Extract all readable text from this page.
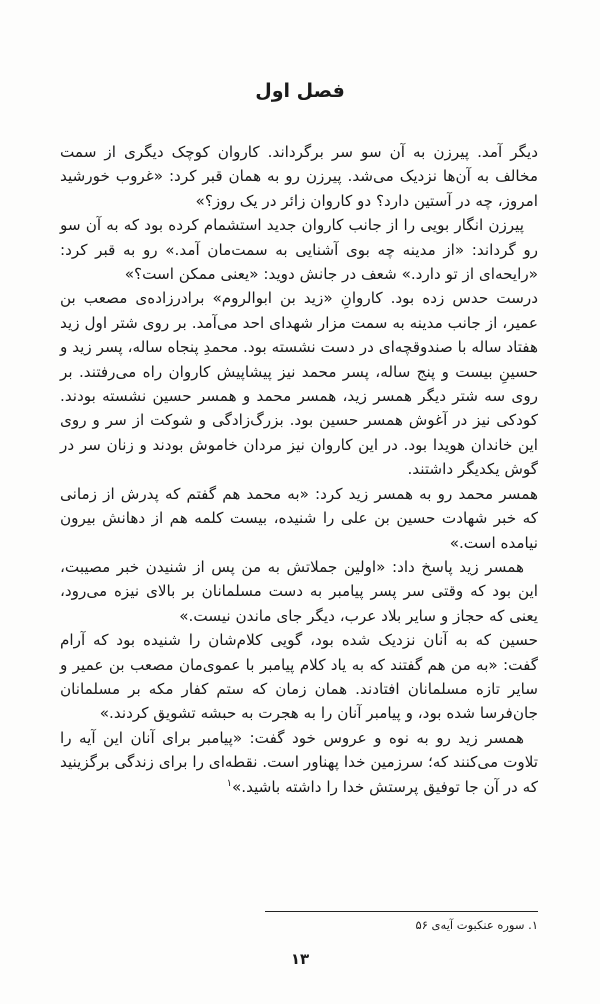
فصل اول

دیگر آمد. پیرزن به آن سو سر برگرداند. کاروان کوچک دیگری از سمت مخالف به آن‌ها نزدیک می‌شد. پیرزن رو به همان قبر کرد: «غروب خورشید امروز، چه در آستین دارد؟ دو کاروان زائر در یک روز؟»

پیرزن انگار بویی را از جانب کاروان جدید استشمام کرده بود که به آن سو رو گرداند: «از مدینه چه بوی آشنایی به سمت‌مان آمد.» رو به قبر کرد: «رایحه‌ای از تو دارد.» شعف در جانش دوید: «یعنی ممکن است؟»

درست حدس زده بود. کاروانِ «زید بن ابوالروم» برادرزاده‌ی مصعب بن عمیر، از جانب مدینه به سمت مزار شهدای احد می‌آمد. بر روی شتر اول زید هفتاد ساله با صندوقچه‌ای در دست نشسته بود. محمدِ پنجاه ساله، پسر زید و حسینِ بیست و پنج ساله، پسر محمد نیز پیشاپیش کاروان راه می‌رفتند. بر روی سه شتر دیگر همسر زید، همسر محمد و همسر حسین نشسته بودند. کودکی نیز در آغوش همسر حسین بود. بزرگ‌زادگی و شوکت از سر و روی این خاندان هویدا بود. در این کاروان نیز مردان خاموش بودند و زنان سر در گوش یکدیگر داشتند.

همسر محمد رو به همسر زید کرد: «به محمد هم گفتم که پدرش از زمانی که خبر شهادت حسین بن علی را شنیده، بیست کلمه هم از دهانش بیرون نیامده است.»

همسر زید پاسخ داد: «اولین جملاتش به من پس از شنیدن خبر مصیبت، این بود که وقتی سر پسر پیامبر به دست مسلمانان بر بالای نیزه می‌رود، یعنی که حجاز و سایر بلاد عرب، دیگر جای ماندن نیست.»

حسین که به آنان نزدیک شده بود، گویی کلام‌شان را شنیده بود که آرام گفت: «به من هم گفتند که به یاد کلام پیامبر با عموی‌مان مصعب بن عمیر و سایر تازه مسلمانان افتادند. همان زمان که ستم کفار مکه بر مسلمانان جان‌فرسا شده بود، و پیامبر آنان را به هجرت به حبشه تشویق کردند.»

همسر زید رو به نوه و عروس خود گفت: «پیامبر برای آنان این آیه را تلاوت می‌کنند که؛ سرزمین خدا پهناور است. نقطه‌ای را برای زندگی برگزینید که در آن جا توفیق پرستش خدا را داشته باشید.»$^۱$

۱. سوره عنکبوت آیه‌ی ۵۶
۱۳
